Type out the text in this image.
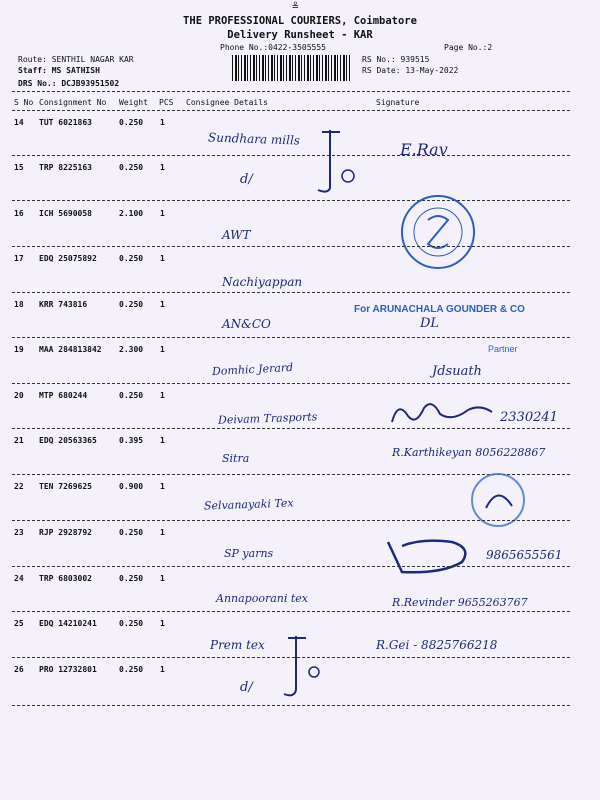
≗
THE PROFESSIONAL COURIERS, Coimbatore
Delivery Runsheet - KAR
Phone No.:0422-3505555	Page No.:2
Route: SENTHIL NAGAR KAR
Staff: MS SATHISH
DRS No.: DCJB93951502
RS No.: 939515
RS Date: 13-May-2022
S No Consignment No Weight PCS Consignee Details	Signature
14 TUT 6021863	0.250 1
Sundhara mills
E.Rav
15 TRP 8225163	0.250 1
d/
16 ICH 5690058	2.100 1
AWT
17 EDQ 25075892	0.250 1
Nachiyappan
18 KRR 743816	0.250 1
AN&CO
For ARUNACHALA GOUNDER & CO
DL
19 MAA 284813842 2.300 1
Domhic Jerard
Partner
Jdsuath
20 MTP 680244	0.250 1
Deivam Trasports	2330241
21 EDQ 20563365	0.395 1
Sitra	R.Karthikeyan 8056228867
22 TEN 7269625	0.900 1
Selvanayaki Tex
23 RJP 2928792	0.250 1
SP yarns	9865655561
24 TRP 6803002	0.250 1
Annapoorani tex	R.Revinder 9655263767
25 EDQ 14210241	0.250 1
Prem tex	R.Gei - 8825766218
26 PRO 12732801	0.250 1
d/
